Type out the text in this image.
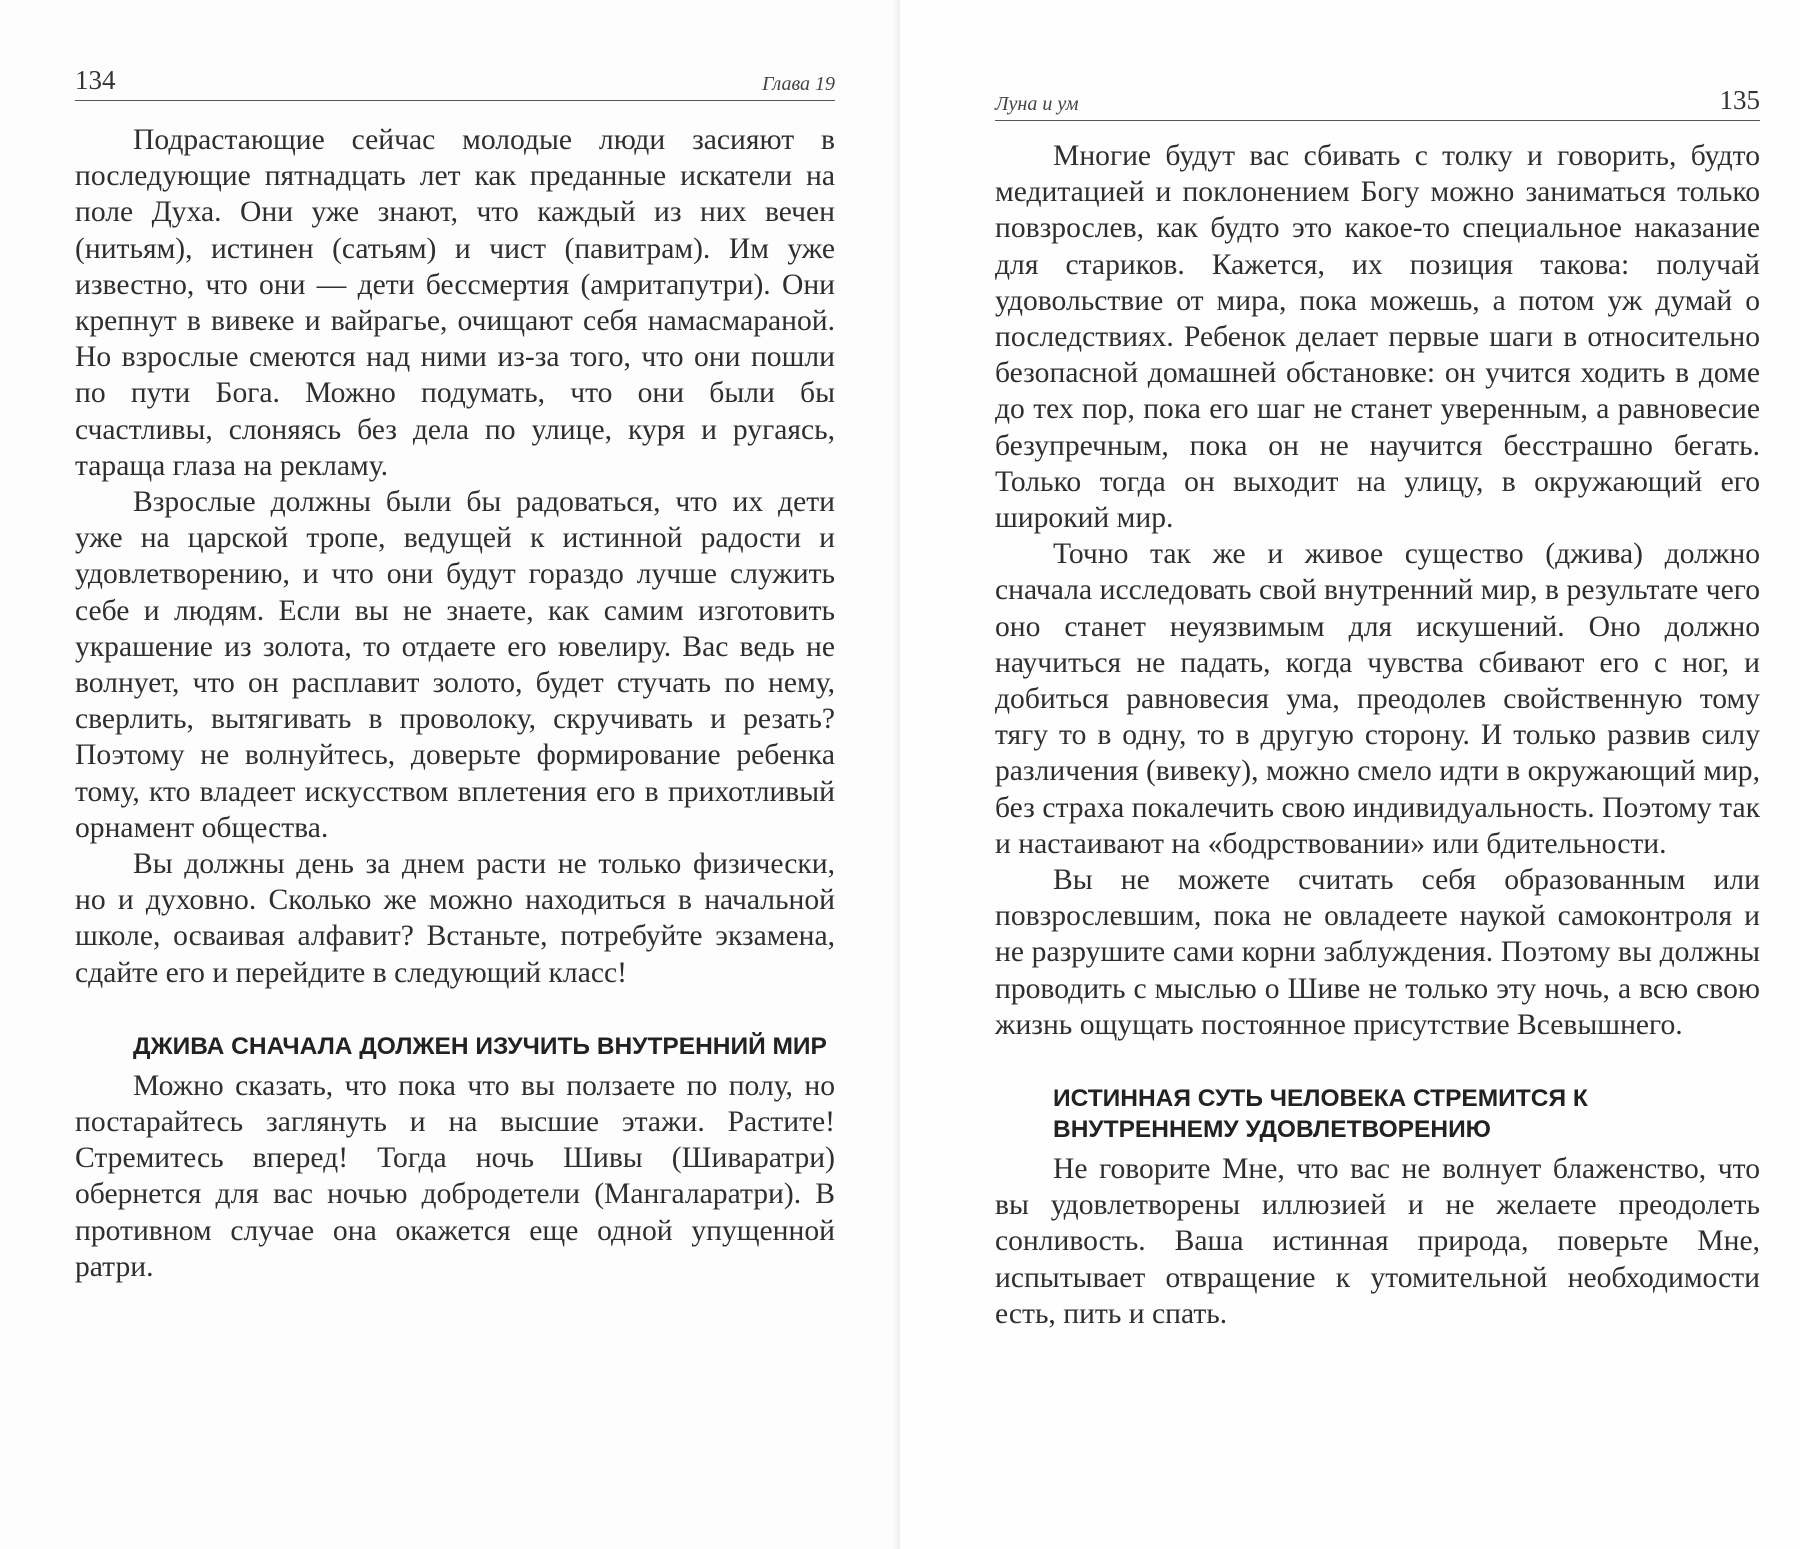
134	Глава 19

Подрастающие сейчас молодые люди засияют в последующие пятнадцать лет как преданные искатели на поле Духа. Они уже знают, что каждый из них вечен (нитьям), истинен (сатьям) и чист (павитрам). Им уже известно, что они — дети бессмертия (амритапутри). Они крепнут в вивеке и вайрагье, очищают себя намасмараной. Но взрослые смеются над ними из-за того, что они пошли по пути Бога. Можно подумать, что они были бы счастливы, слоняясь без дела по улице, куря и ругаясь, таращa глаза на рекламу.

Взрослые должны были бы радоваться, что их дети уже на царской тропе, ведущей к истинной радости и удовлетворению, и что они будут гораздо лучше служить себе и людям. Если вы не знаете, как самим изготовить украшение из золота, то отдаете его ювелиру. Вас ведь не волнует, что он расплавит золото, будет стучать по нему, сверлить, вытягивать в проволоку, скручивать и резать? Поэтому не волнуйтесь, доверьте формирование ребенка тому, кто владеет искусством вплетения его в прихотливый орнамент общества.

Вы должны день за днем расти не только физически, но и духовно. Сколько же можно находиться в начальной школе, осваивая алфавит? Встаньте, потребуйте экзамена, сдайте его и перейдите в следующий класс!

ДЖИВА СНАЧАЛА ДОЛЖЕН ИЗУЧИТЬ ВНУТРЕННИЙ МИР

Можно сказать, что пока что вы ползаете по полу, но постарайтесь заглянуть и на высшие этажи. Растите! Стремитесь вперед! Тогда ночь Шивы (Шиваратри) обернется для вас ночью добродетели (Мангаларатри). В противном случае она окажется еще одной упущенной ратри.

Луна и ум	135

Многие будут вас сбивать с толку и говорить, будто медитацией и поклонением Богу можно заниматься только повзрослев, как будто это какое-то специальное наказание для стариков. Кажется, их позиция такова: получай удовольствие от мира, пока можешь, а потом уж думай о последствиях. Ребенок делает первые шаги в относительно безопасной домашней обстановке: он учится ходить в доме до тех пор, пока его шаг не станет уверенным, а равновесие безупречным, пока он не научится бесстрашно бегать. Только тогда он выходит на улицу, в окружающий его широкий мир.

Точно так же и живое существо (джива) должно сначала исследовать свой внутренний мир, в результате чего оно станет неуязвимым для искушений. Оно должно научиться не падать, когда чувства сбивают его с ног, и добиться равновесия ума, преодолев свойственную тому тягу то в одну, то в другую сторону. И только развив силу различения (вивеку), можно смело идти в окружающий мир, без страха покалечить свою индивидуальность. Поэтому так и настаивают на «бодрствовании» или бдительности.

Вы не можете считать себя образованным или повзрослевшим, пока не овладеете наукой самоконтроля и не разрушите сами корни заблуждения. Поэтому вы должны проводить с мыслью о Шиве не только эту ночь, а всю свою жизнь ощущать постоянное присутствие Всевышнего.

ИСТИННАЯ СУТЬ ЧЕЛОВЕКА СТРЕМИТСЯ К ВНУТРЕННЕМУ УДОВЛЕТВОРЕНИЮ

Не говорите Мне, что вас не волнует блаженство, что вы удовлетворены иллюзией и не желаете преодолеть сонливость. Ваша истинная природа, поверьте Мне, испытывает отвращение к утомительной необходимости есть, пить и спать.
